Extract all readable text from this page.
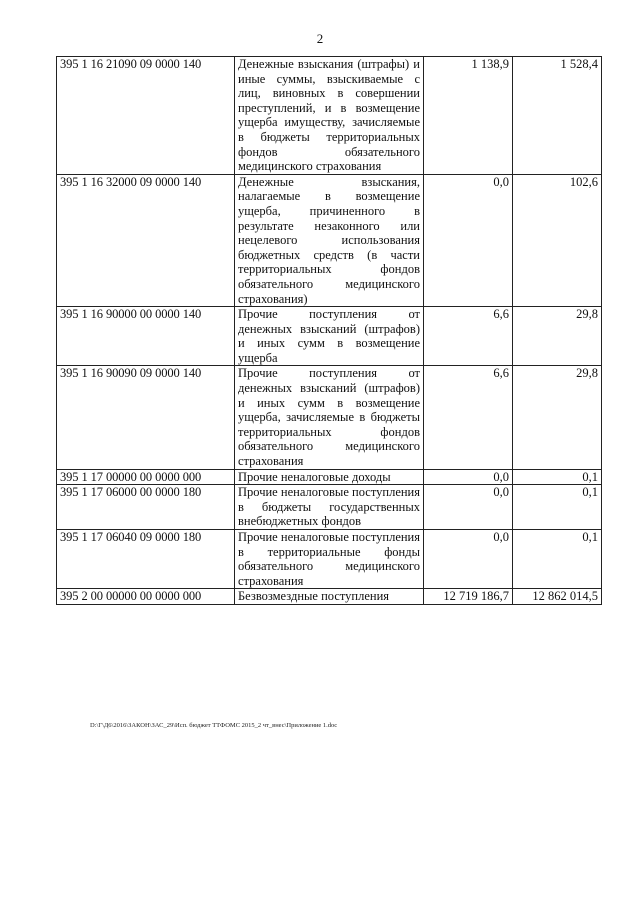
2
395 1 16 21090 09 0000 140	Денежные взыскания (штрафы) и иные суммы, взыскиваемые с лиц, виновных в совершении преступлений, и в возмещение ущерба имуществу, зачисляемые в бюджеты территориальных фондов обязательного медицинского страхования	1 138,9	1 528,4
395 1 16 32000 09 0000 140	Денежные взыскания, налагаемые в возмещение ущерба, причиненного в результате незаконного или нецелевого использования бюджетных средств (в части территориальных фондов обязательного медицинского страхования)	0,0	102,6
395 1 16 90000 00 0000 140	Прочие поступления от денежных взысканий (штрафов) и иных сумм в возмещение ущерба	6,6	29,8
395 1 16 90090 09 0000 140	Прочие поступления от денежных взысканий (штрафов) и иных сумм в возмещение ущерба, зачисляемые в бюджеты территориальных фондов обязательного медицинского страхования	6,6	29,8
395 1 17 00000 00 0000 000	Прочие неналоговые доходы	0,0	0,1
395 1 17 06000 00 0000 180	Прочие неналоговые поступления в бюджеты государственных внебюджетных фондов	0,0	0,1
395 1 17 06040 09 0000 180	Прочие неналоговые поступления в территориальные фонды обязательного медицинского страхования	0,0	0,1
395 2 00 00000 00 0000 000	Безвозмездные поступления	12 719 186,7	12 862 014,5
D:\Г\Д6\2016\ЗАКОН\ЗАС_29\Исп. бюджет ТТФОМС 2015_2 чт_внес\Приложение 1.doc
